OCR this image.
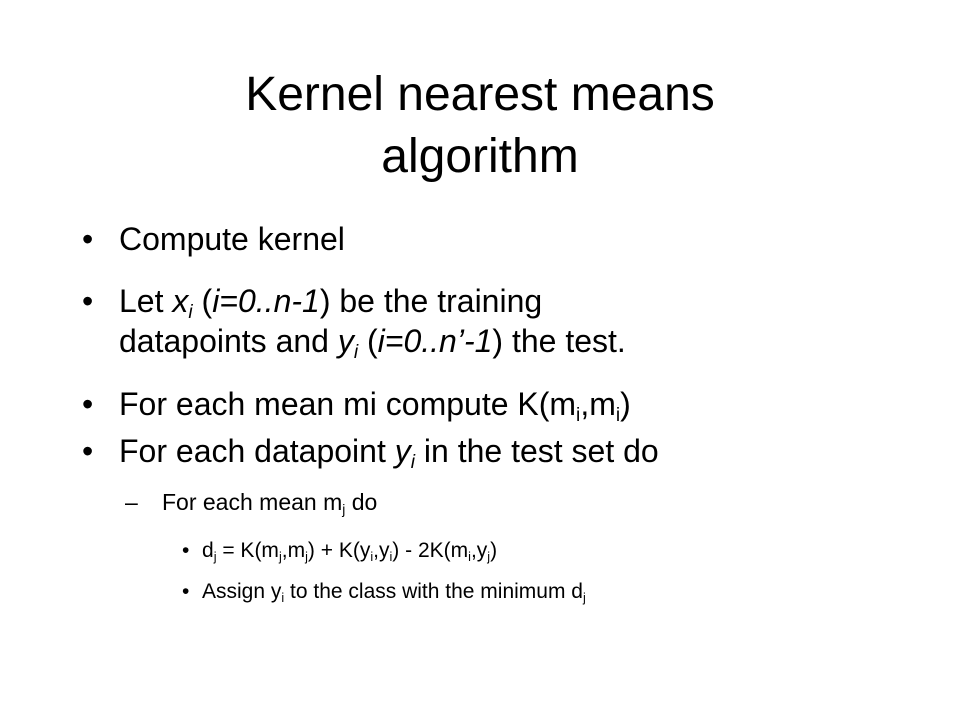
Kernel nearest means
algorithm
• Compute kernel
• Let $x_i$ (i=0..n-1) be the training
datapoints and $y_i$ (i=0..n’-1) the test.
• For each mean mi compute $K(m_i,m_i)$
• For each datapoint $y_i$ in the test set do
– For each mean $m_j$ do
• $d_j = K(m_j,m_j) + K(y_i,y_i) - 2K(m_i,y_j)$
• Assign $y_i$ to the class with the minimum $d_j$
